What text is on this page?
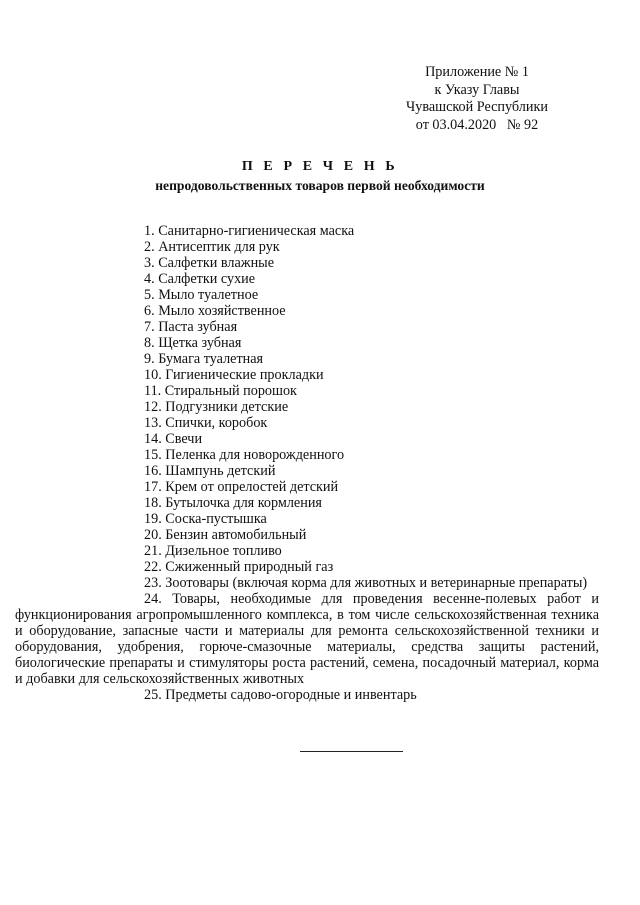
Приложение № 1
к Указу Главы
Чувашской Республики
от 03.04.2020   № 92
П Е Р Е Ч Е Н Ь
непродовольственных товаров первой необходимости
1. Санитарно-гигиеническая маска
2. Антисептик для рук
3. Салфетки влажные
4. Салфетки сухие
5. Мыло туалетное
6. Мыло хозяйственное
7. Паста зубная
8. Щетка зубная
9. Бумага туалетная
10. Гигиенические прокладки
11. Стиральный порошок
12. Подгузники детские
13. Спички, коробок
14. Свечи
15. Пеленка для новорожденного
16. Шампунь детский
17. Крем от опрелостей детский
18. Бутылочка для кормления
19. Соска-пустышка
20. Бензин автомобильный
21. Дизельное топливо
22. Сжиженный природный газ
23. Зоотовары (включая корма для животных и ветеринарные препараты)
24. Товары, необходимые для проведения весенне-полевых работ и функционирования агропромышленного комплекса, в том числе сельскохозяйственная техника и оборудование, запасные части и материалы для ремонта сельскохозяйственной техники и оборудования, удобрения, горюче-смазочные материалы, средства защиты растений, биологические препараты и стимуляторы роста растений, семена, посадочный материал, корма и добавки для сельскохозяйственных животных
25. Предметы садово-огородные и инвентарь
